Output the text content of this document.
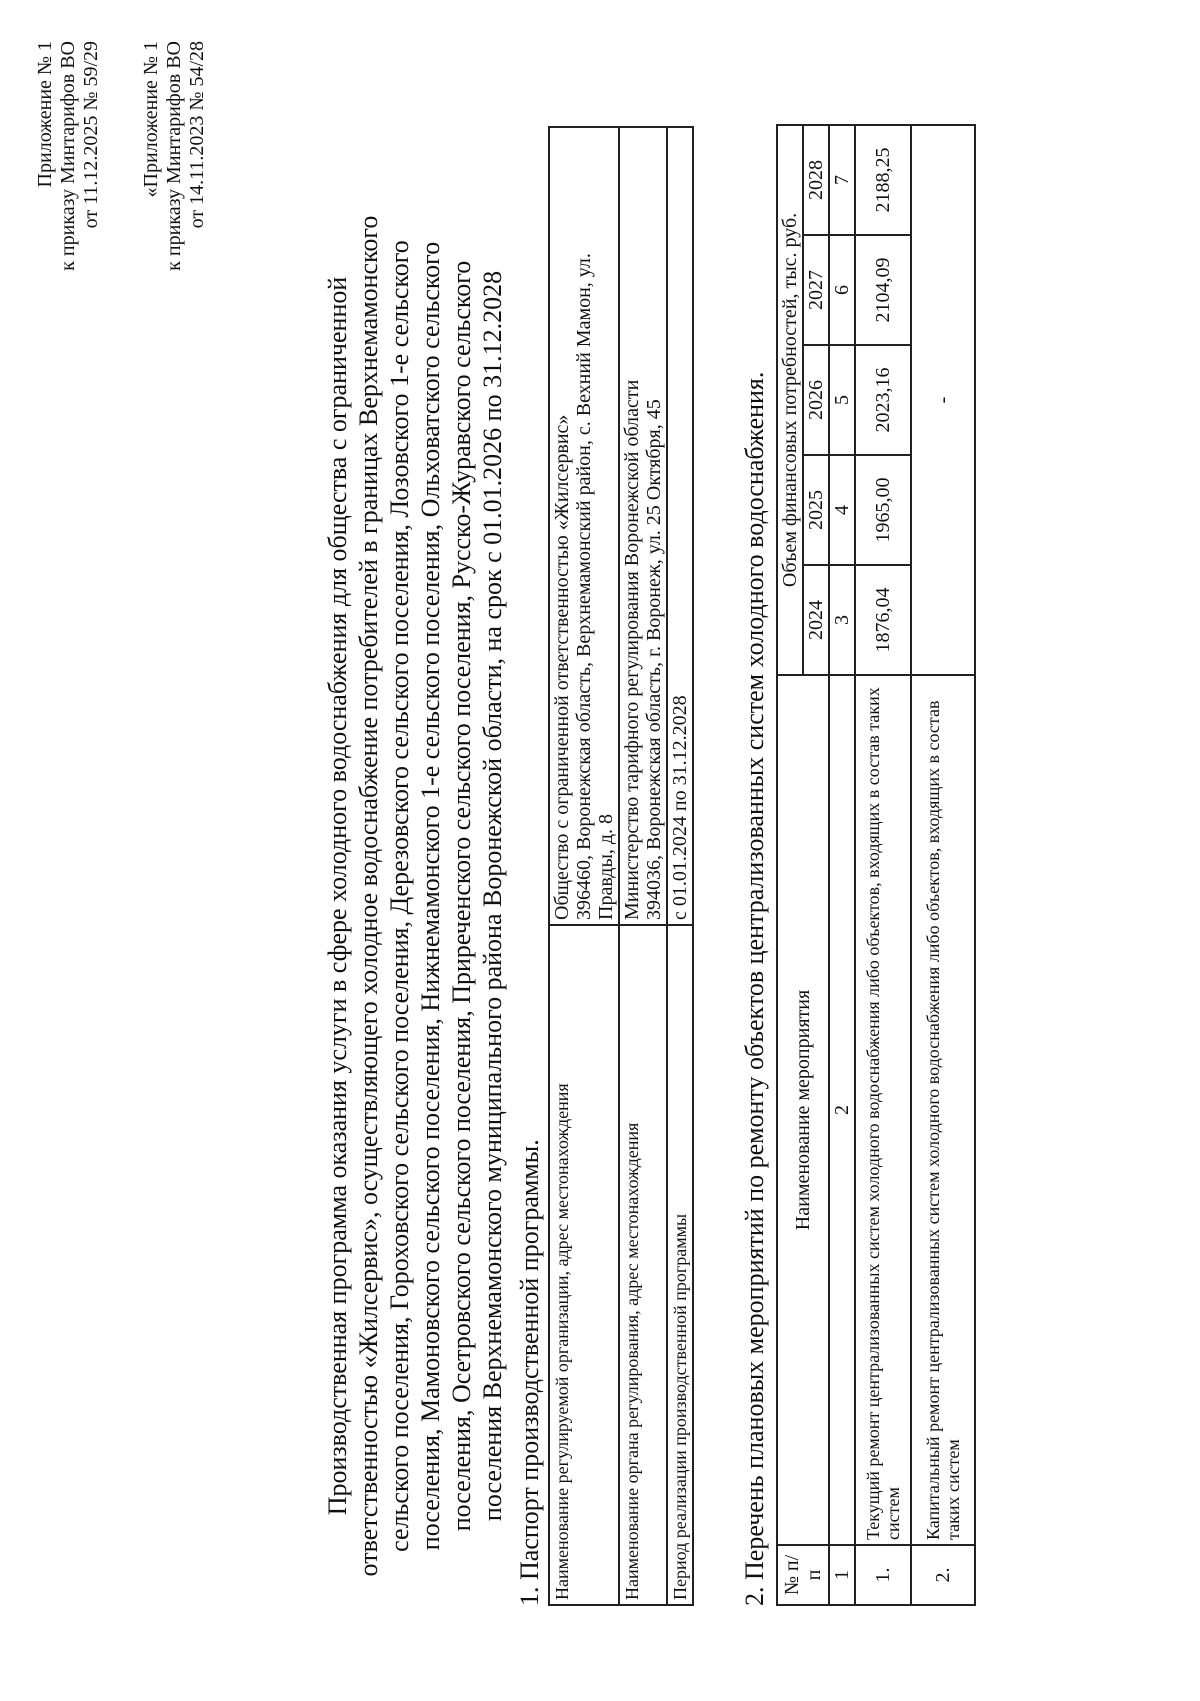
Приложение № 1 к приказу Минтарифов ВО от 11.12.2025 № 59/29 «Приложение № 1 к приказу Минтарифов ВО от 14.11.2023 № 54/28
Производственная программа оказания услуги в сфере холодного водоснабжения для общества с ограниченной ответственностью «Жилсервис», осуществляющего холодное водоснабжение потребителей в границах Верхнемамонского сельского поселения, Гороховского сельского поселения, Дерезовского сельского поселения, Лозовского 1-е сельского поселения, Мамоновского сельского поселения, Нижнемамонского 1-е сельского поселения, Ольховатского сельского поселения, Осетровского сельского поселения, Приреченского сельского поселения, Русско-Журавского сельского поселения Верхнемамонского муниципального района Воронежской области, на срок с 01.01.2026 по 31.12.2028 1. Паспорт производственной программы. Наименование регулируемой организации, адрес местонахождения	Общество с ограниченной ответственностью «Жилсервис» 396460, Воронежская область, Верхнемамонский район, с. Вехний Мамон, ул. Правды, д. 8

Наименование органа регулирования, адрес местонахождения	Министерство тарифного регулирования Воронежской области 394036, Воронежская область, г. Воронеж, ул. 25 Октября, 45

Период реализации производственной программы	с 01.01.2024 по 31.12.2028 2. Перечень плановых мероприятий по ремонту объектов централизованных систем холодного водоснабжения. № п/п	Наименование мероприятия	Объем финансовых потребностей, тыс. руб.				
		2024	2025	2026	2027	2028
1	2	3	4	5	6	7
1.	Текущий ремонт централизованных систем холодного водоснабжения либо объектов, входящих в состав таких систем	1876,04	1965,00	2023,16	2104,09	2188,25
2.	Капитальный ремонт централизованных систем холодного водоснабжения либо объектов, входящих в состав таких систем	-				
